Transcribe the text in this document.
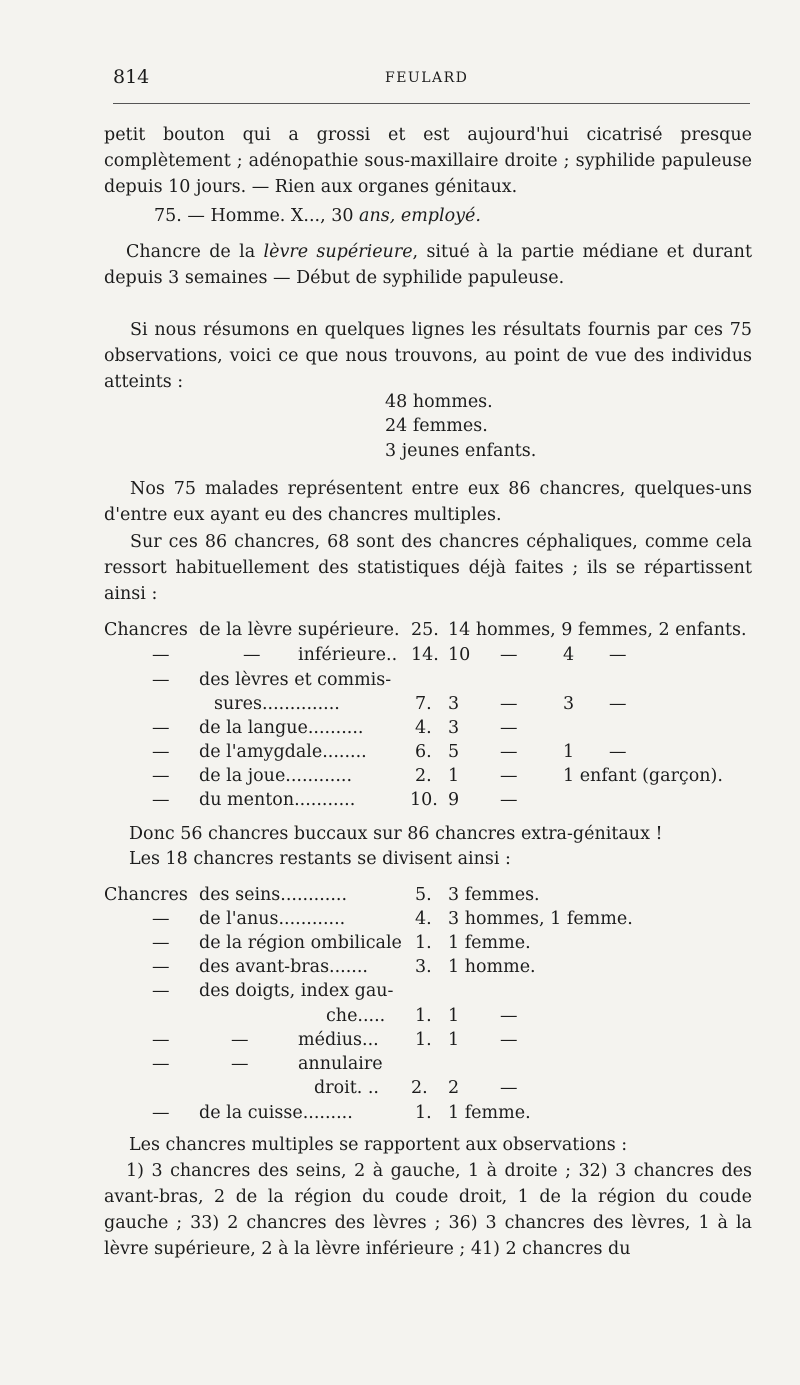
814	FEULARD
petit bouton qui a grossi et est aujourd'hui cicatrisé presque complètement ; adénopathie sous-maxillaire droite ; syphilide papuleuse depuis 10 jours. — Rien aux organes génitaux.
75. — Homme. X..., 30 ans, employé.
Chancre de la lèvre supérieure, situé à la partie médiane et durant depuis 3 semaines — Début de syphilide papuleuse.
Si nous résumons en quelques lignes les résultats fournis par ces 75 observations, voici ce que nous trouvons, au point de vue des individus atteints :
48 hommes.
24 femmes.
3 jeunes enfants.
Nos 75 malades représentent entre eux 86 chancres, quelques-uns d'entre eux ayant eu des chancres multiples.
Sur ces 86 chancres, 68 sont des chancres céphaliques, comme cela ressort habituellement des statistiques déjà faites ; ils se répartissent ainsi :
Chancres de la lèvre supérieure. 25. 14 hommes, 9 femmes, 2 enfants.
—	— inférieure.. 14. 10 —	4 —
— des lèvres et commis-
sures..............	7. 3 —	3 —
— de la langue..........	4. 3 —
— de l'amygdale........	6. 5 —	1 —
— de la joue............	2. 1 —	1 enfant (garçon).
— du menton...........	10. 9 —
Donc 56 chancres buccaux sur 86 chancres extra-génitaux !
Les 18 chancres restants se divisent ainsi :
Chancres des seins............	5. 3 femmes.
— de l'anus............	4. 3 hommes, 1 femme.
— de la région ombilicale 1. 1 femme.
— des avant-bras.......	3. 1 homme.
— des doigts, index gau-
che..... 1. 1 —
—	—	médius... 1. 1 —
—	—	annulaire
droit. .. 2. 2 —
— de la cuisse.........	1. 1 femme.
Les chancres multiples se rapportent aux observations :
1) 3 chancres des seins, 2 à gauche, 1 à droite ; 32) 3 chancres des avant-bras, 2 de la région du coude droit, 1 de la région du coude gauche ; 33) 2 chancres des lèvres ; 36) 3 chancres des lèvres, 1 à la lèvre supérieure, 2 à la lèvre inférieure ; 41) 2 chancres du
